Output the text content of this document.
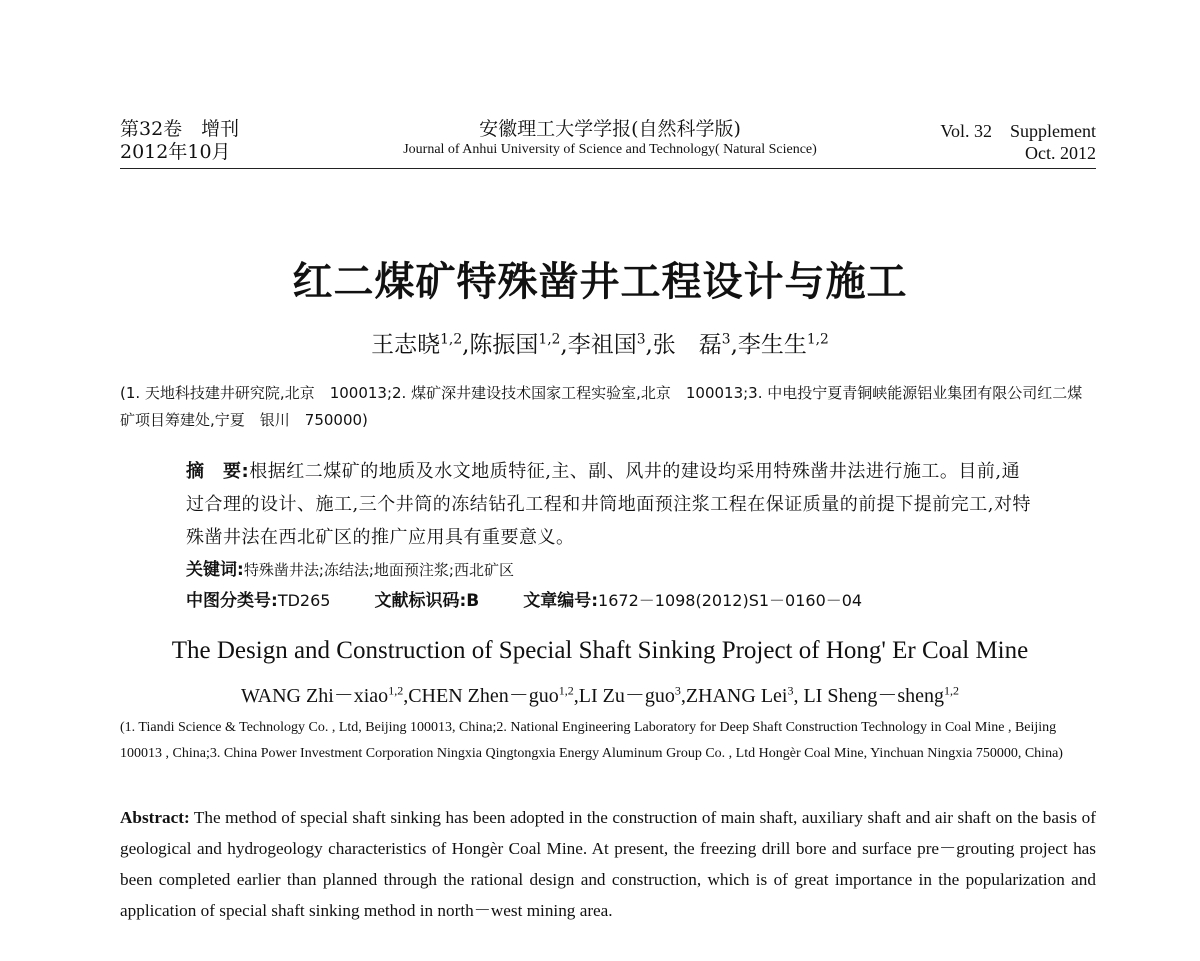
第32卷　增刊
2012年10月
安徽理工大学学报(自然科学版)
Journal of Anhui University of Science and Technology( Natural Science)
Vol. 32 Supplement
Oct. 2012
红二煤矿特殊凿井工程设计与施工
王志晓$^{1,2}$,陈振国$^{1,2}$,李祖国$^3$,张　磊$^3$,李生生$^{1,2}$
(1. 天地科技建井研究院,北京　100013;2. 煤矿深井建设技术国家工程实验室,北京　100013;3. 中电投宁夏青铜峡能源铝业集团有限公司红二煤矿项目筹建处,宁夏　银川　750000)
摘　要:根据红二煤矿的地质及水文地质特征,主、副、风井的建设均采用特殊凿井法进行施工。目前,通过合理的设计、施工,三个井筒的冻结钻孔工程和井筒地面预注浆工程在保证质量的前提下提前完工,对特殊凿井法在西北矿区的推广应用具有重要意义。
关键词:特殊凿井法;冻结法;地面预注浆;西北矿区
中图分类号:TD265	文献标识码:B	文章编号:1672－1098(2012)S1－0160－04
The Design and Construction of Special Shaft Sinking Project of Hong' Er Coal Mine
WANG Zhi－xiao$^{1,2}$,CHEN Zhen－guo$^{1,2}$,LI Zu－guo$^3$,ZHANG Lei$^3$, LI Sheng－sheng$^{1,2}$
(1. Tiandi Science & Technology Co. , Ltd, Beijing 100013, China;2. National Engineering Laboratory for Deep Shaft Construction Technology in Coal Mine , Beijing 100013 , China;3. China Power Investment Corporation Ningxia Qingtongxia Energy Aluminum Group Co. , Ltd Hongèr Coal Mine, Yinchuan Ningxia 750000, China)
Abstract: The method of special shaft sinking has been adopted in the construction of main shaft, auxiliary shaft and air shaft on the basis of geological and hydrogeology characteristics of Hongèr Coal Mine. At present, the freezing drill bore and surface pre－grouting project has been completed earlier than planned through the rational design and construction, which is of great importance in the popularization and application of special shaft sinking method in north－west mining area.
